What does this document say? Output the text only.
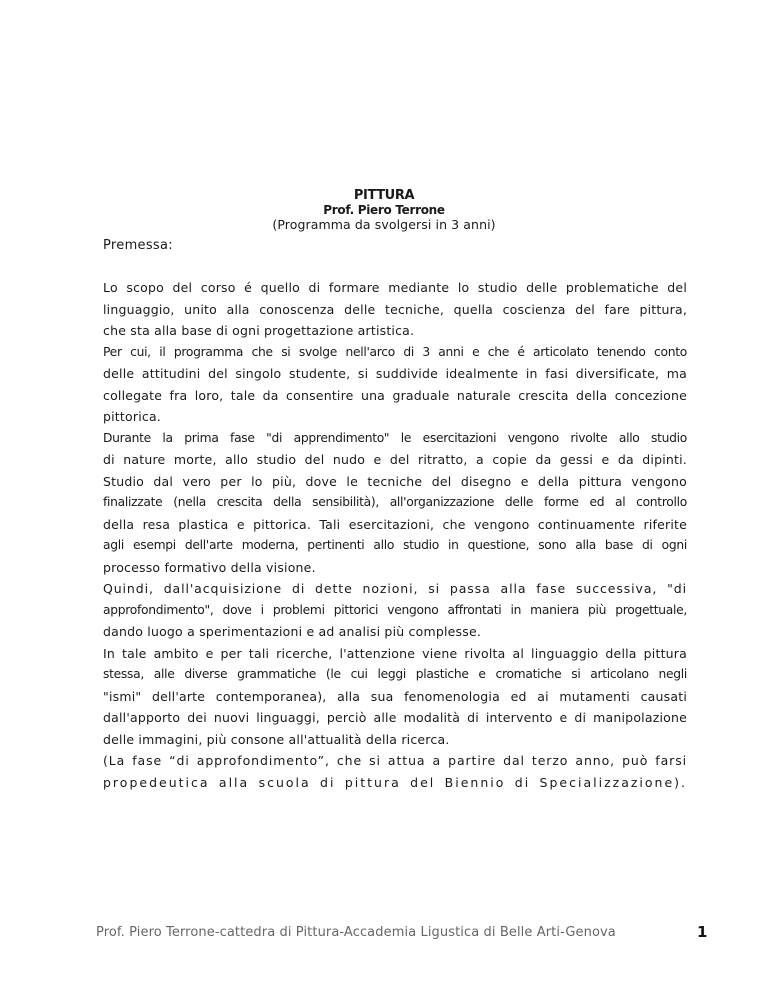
PITTURA
Prof. Piero Terrone
(Programma da svolgersi in 3 anni)
Premessa:
Lo scopo del corso é quello di formare mediante lo studio delle problematiche del
linguaggio, unito alla conoscenza delle tecniche, quella coscienza del fare pittura,
che sta alla base di ogni progettazione artistica.
Per cui, il programma che si svolge nell'arco di 3 anni e che é articolato tenendo conto
delle attitudini del singolo studente, si suddivide idealmente in fasi diversificate, ma
collegate fra loro, tale da consentire una graduale naturale crescita della concezione
pittorica.
Durante la prima fase "di apprendimento" le esercitazioni vengono rivolte allo studio
di nature morte, allo studio del nudo e del ritratto, a copie da gessi e da dipinti.
Studio dal vero per lo più, dove le tecniche del disegno e della pittura vengono
finalizzate (nella crescita della sensibilità), all'organizzazione delle forme ed al controllo
della resa plastica e pittorica. Tali esercitazioni, che vengono continuamente riferite
agli esempi dell'arte moderna, pertinenti allo studio in questione, sono alla base di ogni
processo formativo della visione.
Quindi, dall'acquisizione di dette nozioni, si passa alla fase successiva, "di
approfondimento", dove i problemi pittorici vengono affrontati in maniera più progettuale,
dando luogo a sperimentazioni e ad analisi più complesse.
In tale ambito e per tali ricerche, l'attenzione viene rivolta al linguaggio della pittura
stessa, alle diverse grammatiche (le cui leggi plastiche e cromatiche si articolano negli
"ismi" dell'arte contemporanea), alla sua fenomenologia ed ai mutamenti causati
dall'apporto dei nuovi linguaggi, perciò alle modalità di intervento e di manipolazione
delle immagini, più consone all'attualità della ricerca.
(La fase “di approfondimento”, che si attua a partire dal terzo anno, può farsi
propedeutica alla scuola di pittura del Biennio di Specializzazione).
Prof. Piero Terrone-cattedra di Pittura-Accademia Ligustica di Belle Arti-Genova	1
